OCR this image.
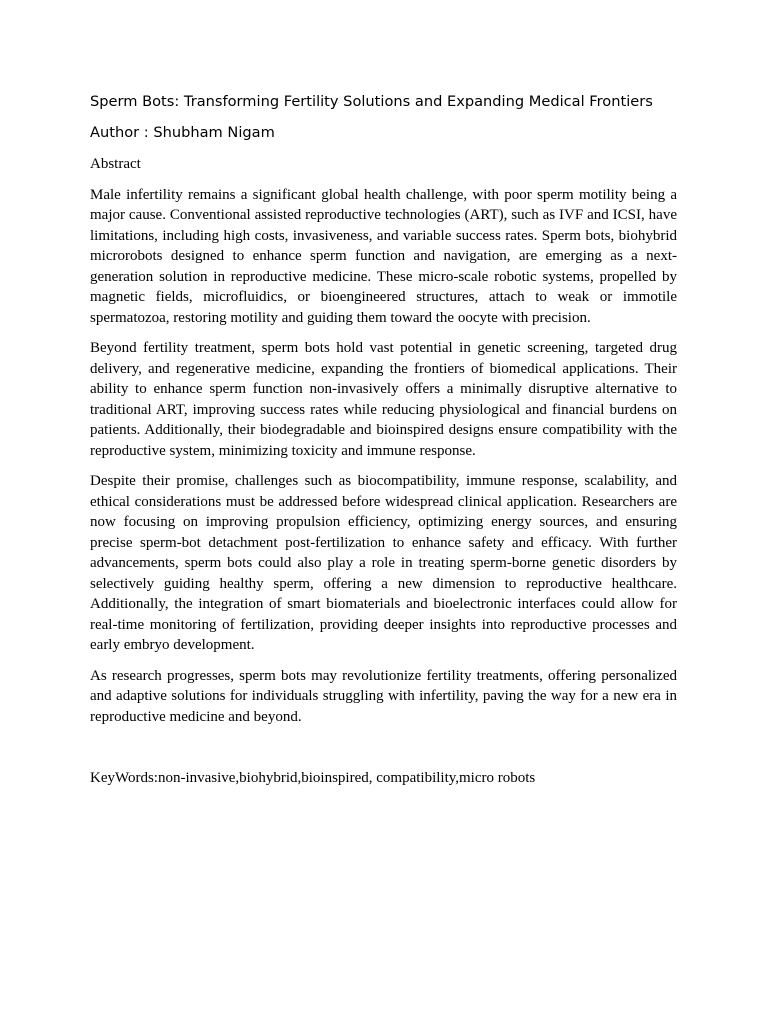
Sperm Bots: Transforming Fertility Solutions and Expanding Medical Frontiers
Author : Shubham Nigam
Abstract

Male infertility remains a significant global health challenge, with poor sperm motility being a major cause. Conventional assisted reproductive technologies (ART), such as IVF and ICSI, have limitations, including high costs, invasiveness, and variable success rates. Sperm bots, biohybrid microrobots designed to enhance sperm function and navigation, are emerging as a next-generation solution in reproductive medicine. These micro-scale robotic systems, propelled by magnetic fields, microfluidics, or bioengineered structures, attach to weak or immotile spermatozoa, restoring motility and guiding them toward the oocyte with precision.

Beyond fertility treatment, sperm bots hold vast potential in genetic screening, targeted drug delivery, and regenerative medicine, expanding the frontiers of biomedical applications. Their ability to enhance sperm function non-invasively offers a minimally disruptive alternative to traditional ART, improving success rates while reducing physiological and financial burdens on patients. Additionally, their biodegradable and bioinspired designs ensure compatibility with the reproductive system, minimizing toxicity and immune response.

Despite their promise, challenges such as biocompatibility, immune response, scalability, and ethical considerations must be addressed before widespread clinical application. Researchers are now focusing on improving propulsion efficiency, optimizing energy sources, and ensuring precise sperm-bot detachment post-fertilization to enhance safety and efficacy. With further advancements, sperm bots could also play a role in treating sperm-borne genetic disorders by selectively guiding healthy sperm, offering a new dimension to reproductive healthcare. Additionally, the integration of smart biomaterials and bioelectronic interfaces could allow for real-time monitoring of fertilization, providing deeper insights into reproductive processes and early embryo development.

As research progresses, sperm bots may revolutionize fertility treatments, offering personalized and adaptive solutions for individuals struggling with infertility, paving the way for a new era in reproductive medicine and beyond.

KeyWords:non-invasive,biohybrid,bioinspired, compatibility,micro robots
